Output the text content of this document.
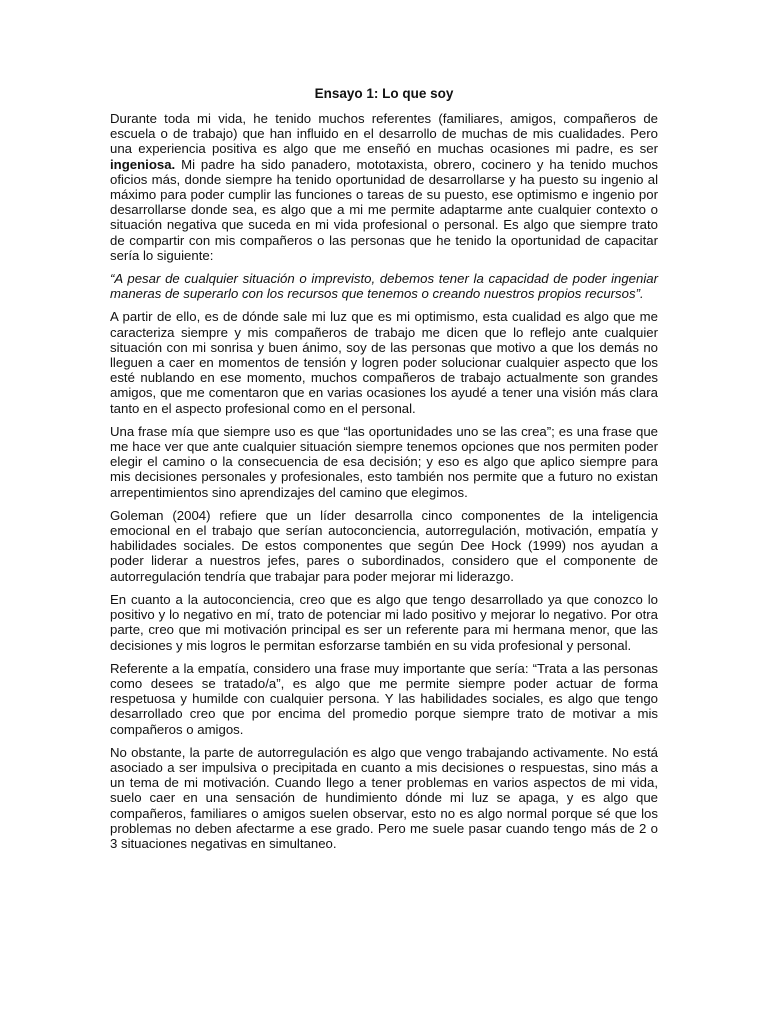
Ensayo 1: Lo que soy

Durante toda mi vida, he tenido muchos referentes (familiares, amigos, compañeros de escuela o de trabajo) que han influido en el desarrollo de muchas de mis cualidades. Pero una experiencia positiva es algo que me enseñó en muchas ocasiones mi padre, es ser ingeniosa. Mi padre ha sido panadero, mototaxista, obrero, cocinero y ha tenido muchos oficios más, donde siempre ha tenido oportunidad de desarrollarse y ha puesto su ingenio al máximo para poder cumplir las funciones o tareas de su puesto, ese optimismo e ingenio por desarrollarse donde sea, es algo que a mi me permite adaptarme ante cualquier contexto o situación negativa que suceda en mi vida profesional o personal. Es algo que siempre trato de compartir con mis compañeros o las personas que he tenido la oportunidad de capacitar sería lo siguiente:

“A pesar de cualquier situación o imprevisto, debemos tener la capacidad de poder ingeniar maneras de superarlo con los recursos que tenemos o creando nuestros propios recursos”.

A partir de ello, es de dónde sale mi luz que es mi optimismo, esta cualidad es algo que me caracteriza siempre y mis compañeros de trabajo me dicen que lo reflejo ante cualquier situación con mi sonrisa y buen ánimo, soy de las personas que motivo a que los demás no lleguen a caer en momentos de tensión y logren poder solucionar cualquier aspecto que los esté nublando en ese momento, muchos compañeros de trabajo actualmente son grandes amigos, que me comentaron que en varias ocasiones los ayudé a tener una visión más clara tanto en el aspecto profesional como en el personal.

Una frase mía que siempre uso es que “las oportunidades uno se las crea”; es una frase que me hace ver que ante cualquier situación siempre tenemos opciones que nos permiten poder elegir el camino o la consecuencia de esa decisión; y eso es algo que aplico siempre para mis decisiones personales y profesionales, esto también nos permite que a futuro no existan arrepentimientos sino aprendizajes del camino que elegimos.

Goleman (2004) refiere que un líder desarrolla cinco componentes de la inteligencia emocional en el trabajo que serían autoconciencia, autorregulación, motivación, empatía y habilidades sociales. De estos componentes que según Dee Hock (1999) nos ayudan a poder liderar a nuestros jefes, pares o subordinados, considero que el componente de autorregulación tendría que trabajar para poder mejorar mi liderazgo.

En cuanto a la autoconciencia, creo que es algo que tengo desarrollado ya que conozco lo positivo y lo negativo en mí, trato de potenciar mi lado positivo y mejorar lo negativo. Por otra parte, creo que mi motivación principal es ser un referente para mi hermana menor, que las decisiones y mis logros le permitan esforzarse también en su vida profesional y personal.

Referente a la empatía, considero una frase muy importante que sería: “Trata a las personas como desees se tratado/a”, es algo que me permite siempre poder actuar de forma respetuosa y humilde con cualquier persona. Y las habilidades sociales, es algo que tengo desarrollado creo que por encima del promedio porque siempre trato de motivar a mis compañeros o amigos.

No obstante, la parte de autorregulación es algo que vengo trabajando activamente. No está asociado a ser impulsiva o precipitada en cuanto a mis decisiones o respuestas, sino más a un tema de mi motivación. Cuando llego a tener problemas en varios aspectos de mi vida, suelo caer en una sensación de hundimiento dónde mi luz se apaga, y es algo que compañeros, familiares o amigos suelen observar, esto no es algo normal porque sé que los problemas no deben afectarme a ese grado. Pero me suele pasar cuando tengo más de 2 o 3 situaciones negativas en simultaneo.
